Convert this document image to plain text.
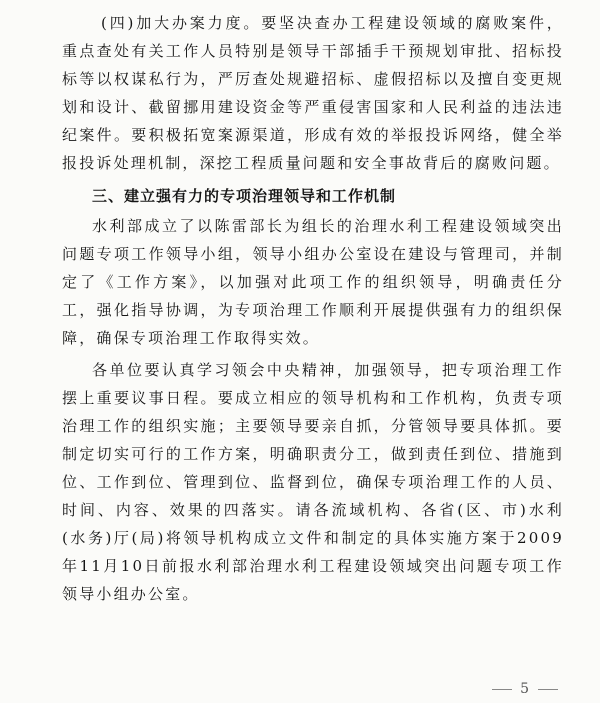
(四)加大办案力度。要坚决查办工程建设领域的腐败案件，重点查处有关工作人员特别是领导干部插手干预规划审批、招标投标等以权谋私行为，严厉查处规避招标、虚假招标以及擅自变更规划和设计、截留挪用建设资金等严重侵害国家和人民利益的违法违纪案件。要积极拓宽案源渠道，形成有效的举报投诉网络，健全举报投诉处理机制，深挖工程质量问题和安全事故背后的腐败问题。

三、建立强有力的专项治理领导和工作机制

水利部成立了以陈雷部长为组长的治理水利工程建设领域突出问题专项工作领导小组，领导小组办公室设在建设与管理司，并制定了《工作方案》，以加强对此项工作的组织领导，明确责任分工，强化指导协调，为专项治理工作顺利开展提供强有力的组织保障，确保专项治理工作取得实效。

各单位要认真学习领会中央精神，加强领导，把专项治理工作摆上重要议事日程。要成立相应的领导机构和工作机构，负责专项治理工作的组织实施；主要领导要亲自抓，分管领导要具体抓。要制定切实可行的工作方案，明确职责分工，做到责任到位、措施到位、工作到位、管理到位、监督到位，确保专项治理工作的人员、时间、内容、效果的四落实。请各流域机构、各省(区、市)水利(水务)厅(局)将领导机构成立文件和制定的具体实施方案于2009年11月10日前报水利部治理水利工程建设领域突出问题专项工作领导小组办公室。

5
